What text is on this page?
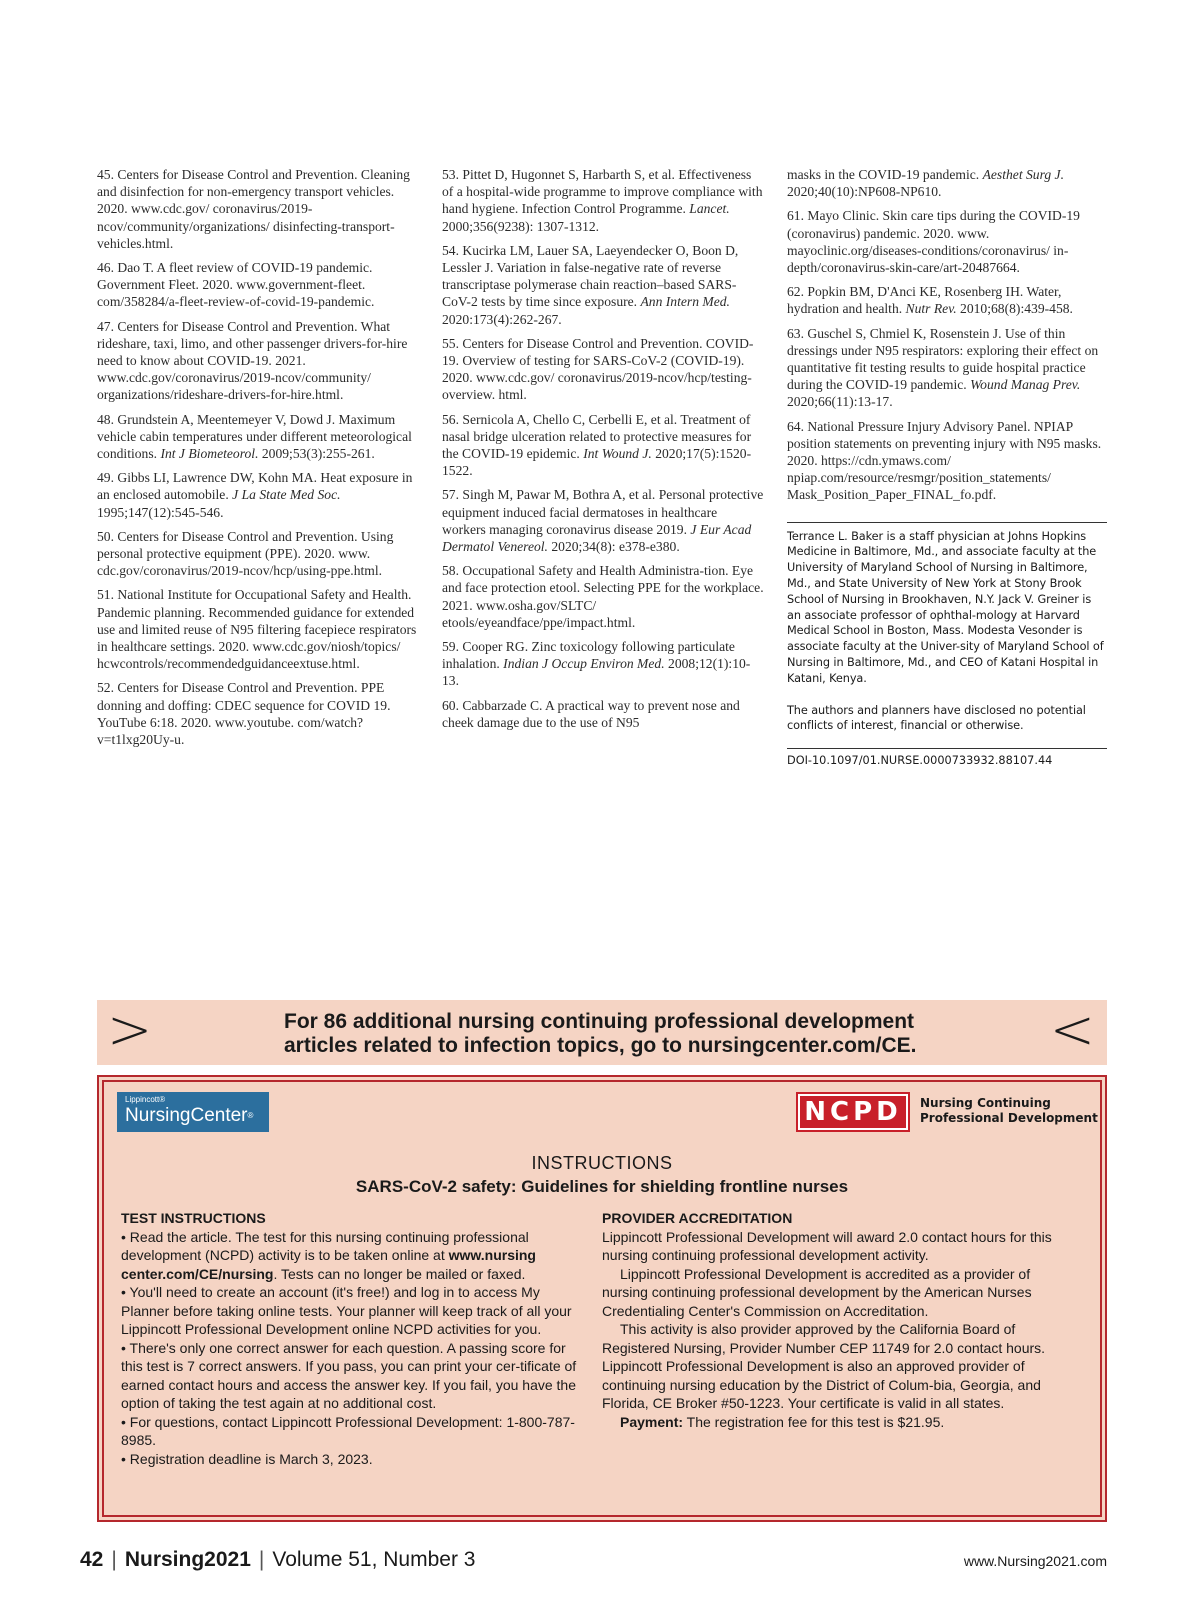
45. Centers for Disease Control and Prevention. Cleaning and disinfection for non-emergency transport vehicles. 2020. www.cdc.gov/ coronavirus/2019-ncov/community/organizations/ disinfecting-transport-vehicles.html.

46. Dao T. A fleet review of COVID-19 pandemic. Government Fleet. 2020. www.government-fleet. com/358284/a-fleet-review-of-covid-19-pandemic.

47. Centers for Disease Control and Prevention. What rideshare, taxi, limo, and other passenger drivers-for-hire need to know about COVID-19. 2021. www.cdc.gov/coronavirus/2019-ncov/community/ organizations/rideshare-drivers-for-hire.html.

48. Grundstein A, Meentemeyer V, Dowd J. Maximum vehicle cabin temperatures under different meteorological conditions. Int J Biometeorol. 2009;53(3):255-261.

49. Gibbs LI, Lawrence DW, Kohn MA. Heat exposure in an enclosed automobile. J La State Med Soc. 1995;147(12):545-546.

50. Centers for Disease Control and Prevention. Using personal protective equipment (PPE). 2020. www. cdc.gov/coronavirus/2019-ncov/hcp/using-ppe.html.

51. National Institute for Occupational Safety and Health. Pandemic planning. Recommended guidance for extended use and limited reuse of N95 filtering facepiece respirators in healthcare settings. 2020. www.cdc.gov/niosh/topics/ hcwcontrols/recommendedguidanceextuse.html.

52. Centers for Disease Control and Prevention. PPE donning and doffing: CDEC sequence for COVID 19. YouTube 6:18. 2020. www.youtube. com/watch?v=t1lxg20Uy-u.

53. Pittet D, Hugonnet S, Harbarth S, et al. Effectiveness of a hospital-wide programme to improve compliance with hand hygiene. Infection Control Programme. Lancet. 2000;356(9238): 1307-1312.

54. Kucirka LM, Lauer SA, Laeyendecker O, Boon D, Lessler J. Variation in false-negative rate of reverse transcriptase polymerase chain reaction–based SARS-CoV-2 tests by time since exposure. Ann Intern Med. 2020:173(4):262-267.

55. Centers for Disease Control and Prevention. COVID-19. Overview of testing for SARS-CoV-2 (COVID-19). 2020. www.cdc.gov/ coronavirus/2019-ncov/hcp/testing-overview. html.

56. Sernicola A, Chello C, Cerbelli E, et al. Treatment of nasal bridge ulceration related to protective measures for the COVID-19 epidemic. Int Wound J. 2020;17(5):1520-1522.

57. Singh M, Pawar M, Bothra A, et al. Personal protective equipment induced facial dermatoses in healthcare workers managing coronavirus disease 2019. J Eur Acad Dermatol Venereol. 2020;34(8): e378-e380.

58. Occupational Safety and Health Administra-tion. Eye and face protection etool. Selecting PPE for the workplace. 2021. www.osha.gov/SLTC/ etools/eyeandface/ppe/impact.html.

59. Cooper RG. Zinc toxicology following particulate inhalation. Indian J Occup Environ Med. 2008;12(1):10-13.

60. Cabbarzade C. A practical way to prevent nose and cheek damage due to the use of N95

masks in the COVID-19 pandemic. Aesthet Surg J. 2020;40(10):NP608-NP610.

61. Mayo Clinic. Skin care tips during the COVID-19 (coronavirus) pandemic. 2020. www. mayoclinic.org/diseases-conditions/coronavirus/ in-depth/coronavirus-skin-care/art-20487664.

62. Popkin BM, D'Anci KE, Rosenberg IH. Water, hydration and health. Nutr Rev. 2010;68(8):439-458.

63. Guschel S, Chmiel K, Rosenstein J. Use of thin dressings under N95 respirators: exploring their effect on quantitative fit testing results to guide hospital practice during the COVID-19 pandemic. Wound Manag Prev. 2020;66(11):13-17.

64. National Pressure Injury Advisory Panel. NPIAP position statements on preventing injury with N95 masks. 2020. https://cdn.ymaws.com/ npiap.com/resource/resmgr/position_statements/ Mask_Position_Paper_FINAL_fo.pdf.

Terrance L. Baker is a staff physician at Johns Hopkins Medicine in Baltimore, Md., and associate faculty at the University of Maryland School of Nursing in Baltimore, Md., and State University of New York at Stony Brook School of Nursing in Brookhaven, N.Y. Jack V. Greiner is an associate professor of ophthal-mology at Harvard Medical School in Boston, Mass. Modesta Vesonder is associate faculty at the Univer-sity of Maryland School of Nursing in Baltimore, Md., and CEO of Katani Hospital in Katani, Kenya.

The authors and planners have disclosed no potential conflicts of interest, financial or otherwise.

DOI-10.1097/01.NURSE.0000733932.88107.44

>	For 86 additional nursing continuing professional development
articles related to infection topics, go to nursingcenter.com/CE. <
Lippincott®
NursingCenter®	NCPD	Nursing Continuing
Professional Development
INSTRUCTIONS
SARS-CoV-2 safety: Guidelines for shielding frontline nurses
TEST INSTRUCTIONS

• Read the article. The test for this nursing continuing professional development (NCPD) activity is to be taken online at www.nursing center.com/CE/nursing. Tests can no longer be mailed or faxed.

• You'll need to create an account (it's free!) and log in to access My Planner before taking online tests. Your planner will keep track of all your Lippincott Professional Development online NCPD activities for you.

• There's only one correct answer for each question. A passing score for this test is 7 correct answers. If you pass, you can print your cer-tificate of earned contact hours and access the answer key. If you fail, you have the option of taking the test again at no additional cost.

• For questions, contact Lippincott Professional Development: 1-800-787-8985.

• Registration deadline is March 3, 2023.

PROVIDER ACCREDITATION

Lippincott Professional Development will award 2.0 contact hours for this nursing continuing professional development activity.

Lippincott Professional Development is accredited as a provider of nursing continuing professional development by the American Nurses Credentialing Center's Commission on Accreditation.

This activity is also provider approved by the California Board of Registered Nursing, Provider Number CEP 11749 for 2.0 contact hours. Lippincott Professional Development is also an approved provider of continuing nursing education by the District of Colum-bia, Georgia, and Florida, CE Broker #50-1223. Your certificate is valid in all states.

Payment: The registration fee for this test is $21.95.

42 | Nursing2021 | Volume 51, Number 3	www.Nursing2021.com
